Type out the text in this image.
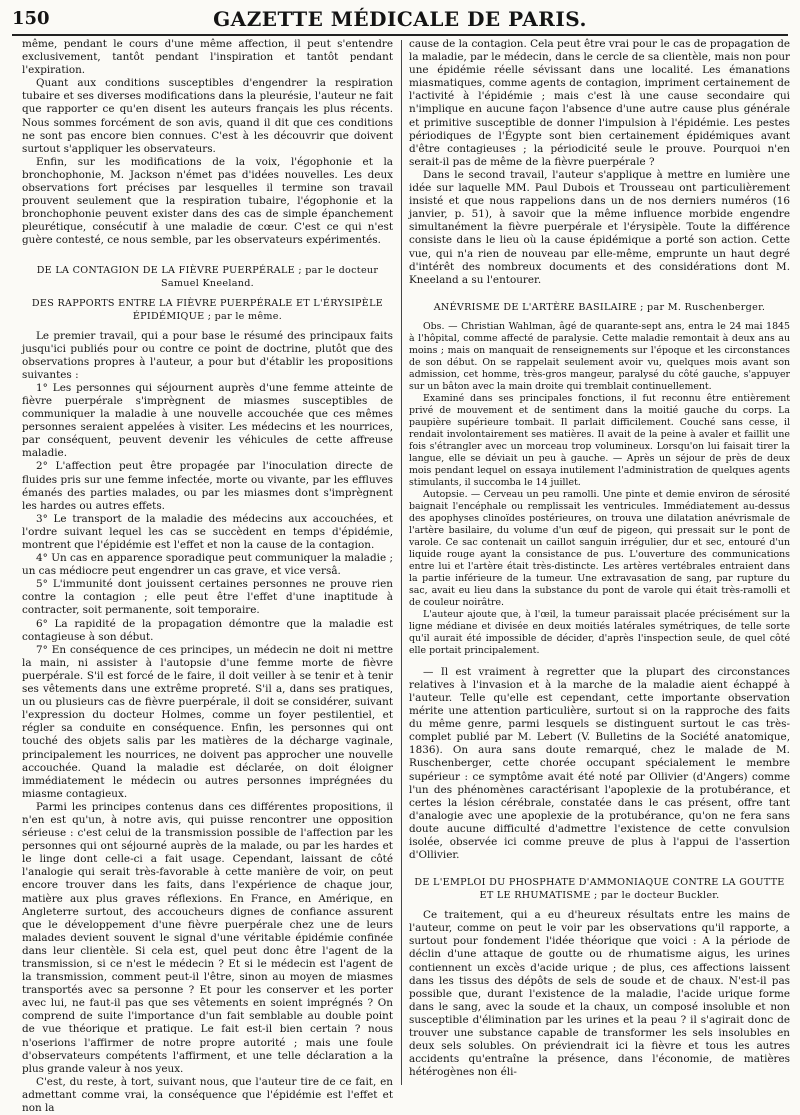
150	GAZETTE MÉDICALE DE PARIS.

même, pendant le cours d'une même affection, il peut s'entendre exclusivement, tantôt pendant l'inspiration et tantôt pendant l'expiration.

Quant aux conditions susceptibles d'engendrer la respiration tubaire et ses diverses modifications dans la pleurésie, l'auteur ne fait que rapporter ce qu'en disent les auteurs français les plus récents. Nous sommes forcément de son avis, quand il dit que ces conditions ne sont pas encore bien connues. C'est à les découvrir que doivent surtout s'appliquer les observateurs.

Enfin, sur les modifications de la voix, l'égophonie et la bronchophonie, M. Jackson n'émet pas d'idées nouvelles. Les deux observations fort précises par lesquelles il termine son travail prouvent seulement que la respiration tubaire, l'égophonie et la bronchophonie peuvent exister dans des cas de simple épanchement pleurétique, consécutif à une maladie de cœur. C'est ce qui n'est guère contesté, ce nous semble, par les observateurs expérimentés.

DE LA CONTAGION DE LA FIÈVRE PUERPÉRALE ; par le docteur Samuel Kneeland.
DES RAPPORTS ENTRE LA FIÈVRE PUERPÉRALE ET L'ÉRYSIPÈLE ÉPIDÉMIQUE ; par le même.

Le premier travail, qui a pour base le résumé des principaux faits jusqu'ici publiés pour ou contre ce point de doctrine, plutôt que des observations propres à l'auteur, a pour but d'établir les propositions suivantes :

1° Les personnes qui séjournent auprès d'une femme atteinte de fièvre puerpérale s'imprègnent de miasmes susceptibles de communiquer la maladie à une nouvelle accouchée que ces mêmes personnes seraient appelées à visiter. Les médecins et les nourrices, par conséquent, peuvent devenir les véhicules de cette affreuse maladie.

2° L'affection peut être propagée par l'inoculation directe de fluides pris sur une femme infectée, morte ou vivante, par les effluves émanés des parties malades, ou par les miasmes dont s'imprègnent les hardes ou autres effets.

3° Le transport de la maladie des médecins aux accouchées, et l'ordre suivant lequel les cas se succèdent en temps d'épidémie, montrent que l'épidémie est l'effet et non la cause de la contagion.

4° Un cas en apparence sporadique peut communiquer la maladie ; un cas médiocre peut engendrer un cas grave, et vice versâ.

5° L'immunité dont jouissent certaines personnes ne prouve rien contre la contagion ; elle peut être l'effet d'une inaptitude à contracter, soit permanente, soit temporaire.

6° La rapidité de la propagation démontre que la maladie est contagieuse à son début.

7° En conséquence de ces principes, un médecin ne doit ni mettre la main, ni assister à l'autopsie d'une femme morte de fièvre puerpérale. S'il est forcé de le faire, il doit veiller à se tenir et à tenir ses vêtements dans une extrême propreté. S'il a, dans ses pratiques, un ou plusieurs cas de fièvre puerpérale, il doit se considérer, suivant l'expression du docteur Holmes, comme un foyer pestilentiel, et régler sa conduite en conséquence. Enfin, les personnes qui ont touché des objets salis par les matières de la décharge vaginale, principalement les nourrices, ne doivent pas approcher une nouvelle accouchée. Quand la maladie est déclarée, on doit éloigner immédiatement le médecin ou autres personnes imprégnées du miasme contagieux.

Parmi les principes contenus dans ces différentes propositions, il n'en est qu'un, à notre avis, qui puisse rencontrer une opposition sérieuse : c'est celui de la transmission possible de l'affection par les personnes qui ont séjourné auprès de la malade, ou par les hardes et le linge dont celle-ci a fait usage. Cependant, laissant de côté l'analogie qui serait très-favorable à cette manière de voir, on peut encore trouver dans les faits, dans l'expérience de chaque jour, matière aux plus graves réflexions. En France, en Amérique, en Angleterre surtout, des accoucheurs dignes de confiance assurent que le développement d'une fièvre puerpérale chez une de leurs malades devient souvent le signal d'une véritable épidémie confinée dans leur clientèle. Si cela est, quel peut donc être l'agent de la transmission, si ce n'est le médecin ? Et si le médecin est l'agent de la transmission, comment peut-il l'être, sinon au moyen de miasmes transportés avec sa personne ? Et pour les conserver et les porter avec lui, ne faut-il pas que ses vêtements en soient imprégnés ? On comprend de suite l'importance d'un fait semblable au double point de vue théorique et pratique. Le fait est-il bien certain ? nous n'oserions l'affirmer de notre propre autorité ; mais une foule d'observateurs compétents l'affirment, et une telle déclaration a la plus grande valeur à nos yeux.

C'est, du reste, à tort, suivant nous, que l'auteur tire de ce fait, en admettant comme vrai, la conséquence que l'épidémie est l'effet et non la

cause de la contagion. Cela peut être vrai pour le cas de propagation de la maladie, par le médecin, dans le cercle de sa clientèle, mais non pour une épidémie réelle sévissant dans une localité. Les émanations miasmatiques, comme agents de contagion, impriment certainement de l'activité à l'épidémie ; mais c'est là une cause secondaire qui n'implique en aucune façon l'absence d'une autre cause plus générale et primitive susceptible de donner l'impulsion à l'épidémie. Les pestes périodiques de l'Égypte sont bien certainement épidémiques avant d'être contagieuses ; la périodicité seule le prouve. Pourquoi n'en serait-il pas de même de la fièvre puerpérale ?

Dans le second travail, l'auteur s'applique à mettre en lumière une idée sur laquelle MM. Paul Dubois et Trousseau ont particulièrement insisté et que nous rappelions dans un de nos derniers numéros (16 janvier, p. 51), à savoir que la même influence morbide engendre simultanément la fièvre puerpérale et l'érysipèle. Toute la différence consiste dans le lieu où la cause épidémique a porté son action. Cette vue, qui n'a rien de nouveau par elle-même, emprunte un haut degré d'intérêt des nombreux documents et des considérations dont M. Kneeland a su l'entourer.

ANÉVRISME DE L'ARTÈRE BASILAIRE ; par M. Ruschenberger.

Obs. — Christian Wahlman, âgé de quarante-sept ans, entra le 24 mai 1845 à l'hôpital, comme affecté de paralysie. Cette maladie remontait à deux ans au moins ; mais on manquait de renseignements sur l'époque et les circonstances de son début. On se rappelait seulement avoir vu, quelques mois avant son admission, cet homme, très-gros mangeur, paralysé du côté gauche, s'appuyer sur un bâton avec la main droite qui tremblait continuellement.

Examiné dans ses principales fonctions, il fut reconnu être entièrement privé de mouvement et de sentiment dans la moitié gauche du corps. La paupière supérieure tombait. Il parlait difficilement. Couché sans cesse, il rendait involontairement ses matières. Il avait de la peine à avaler et faillit une fois s'étrangler avec un morceau trop volumineux. Lorsqu'on lui faisait tirer la langue, elle se déviait un peu à gauche. — Après un séjour de près de deux mois pendant lequel on essaya inutilement l'administration de quelques agents stimulants, il succomba le 14 juillet.

Autopsie. — Cerveau un peu ramolli. Une pinte et demie environ de sérosité baignait l'encéphale ou remplissait les ventricules. Immédiatement au-dessus des apophyses clinoïdes postérieures, on trouva une dilatation anévrismale de l'artère basilaire, du volume d'un œuf de pigeon, qui pressait sur le pont de varole. Ce sac contenait un caillot sanguin irrégulier, dur et sec, entouré d'un liquide rouge ayant la consistance de pus. L'ouverture des communications entre lui et l'artère était très-distincte. Les artères vertébrales entraient dans la partie inférieure de la tumeur. Une extravasation de sang, par rupture du sac, avait eu lieu dans la substance du pont de varole qui était très-ramolli et de couleur noirâtre.

L'auteur ajoute que, à l'œil, la tumeur paraissait placée précisément sur la ligne médiane et divisée en deux moitiés latérales symétriques, de telle sorte qu'il aurait été impossible de décider, d'après l'inspection seule, de quel côté elle portait principalement.

— Il est vraiment à regretter que la plupart des circonstances relatives à l'invasion et à la marche de la maladie aient échappé à l'auteur. Telle qu'elle est cependant, cette importante observation mérite une attention particulière, surtout si on la rapproche des faits du même genre, parmi lesquels se distinguent surtout le cas très-complet publié par M. Lebert (V. Bulletins de la Société anatomique, 1836). On aura sans doute remarqué, chez le malade de M. Ruschenberger, cette chorée occupant spécialement le membre supérieur : ce symptôme avait été noté par Ollivier (d'Angers) comme l'un des phénomènes caractérisant l'apoplexie de la protubérance, et certes la lésion cérébrale, constatée dans le cas présent, offre tant d'analogie avec une apoplexie de la protubérance, qu'on ne fera sans doute aucune difficulté d'admettre l'existence de cette convulsion isolée, observée ici comme preuve de plus à l'appui de l'assertion d'Ollivier.

DE L'EMPLOI DU PHOSPHATE D'AMMONIAQUE CONTRE LA GOUTTE ET LE RHUMATISME ; par le docteur Buckler.

Ce traitement, qui a eu d'heureux résultats entre les mains de l'auteur, comme on peut le voir par les observations qu'il rapporte, a surtout pour fondement l'idée théorique que voici : A la période de déclin d'une attaque de goutte ou de rhumatisme aigus, les urines contiennent un excès d'acide urique ; de plus, ces affections laissent dans les tissus des dépôts de sels de soude et de chaux. N'est-il pas possible que, durant l'existence de la maladie, l'acide urique forme dans le sang, avec la soude et la chaux, un composé insoluble et non susceptible d'élimination par les urines et la peau ? il s'agirait donc de trouver une substance capable de transformer les sels insolubles en deux sels solubles. On préviendrait ici la fièvre et tous les autres accidents qu'entraîne la présence, dans l'économie, de matières hétérogènes non éli-
